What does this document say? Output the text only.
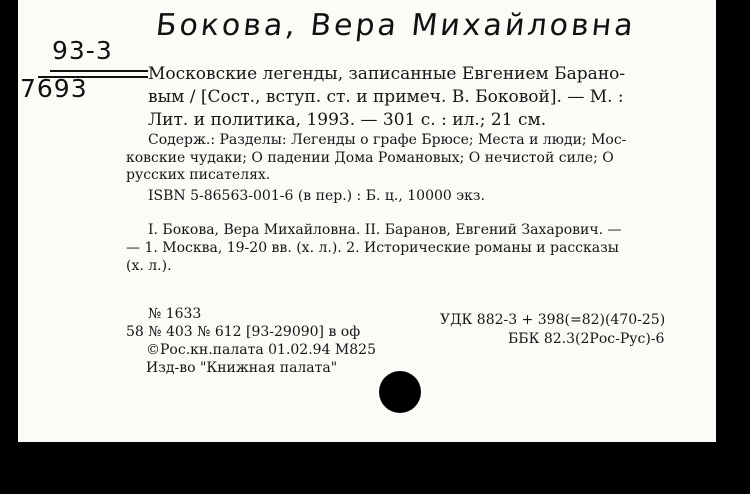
Бокова, Вера Михайловна
93-3
7693	Московские легенды, записанные Евгением Барано-
вым / [Сост., вступ. ст. и примеч. В. Боковой]. — М. :
Лит. и политика, 1993. — 301 с. : ил.; 21 см.
Содерж.: Разделы: Легенды о графе Брюсе; Места и люди; Мос-
ковские чудаки; О падении Дома Романовых; О нечистой силе; О
русских писателях.
ISBN 5-86563-001-6 (в пер.) : Б. ц., 10000 экз.
I. Бокова, Вера Михайловна. II. Баранов, Евгений Захарович. —
— 1. Москва, 19-20 вв. (х. л.). 2. Исторические романы и рассказы
(х. л.).
№ 1633
58 № 403 № 612 [93-29090] в оф
©Рос.кн.палата 01.02.94 М825
Изд-во "Книжная палата"
УДК 882-3 + 398(=82)(470-25)
ББК 82.3(2Рос-Рус)-6
